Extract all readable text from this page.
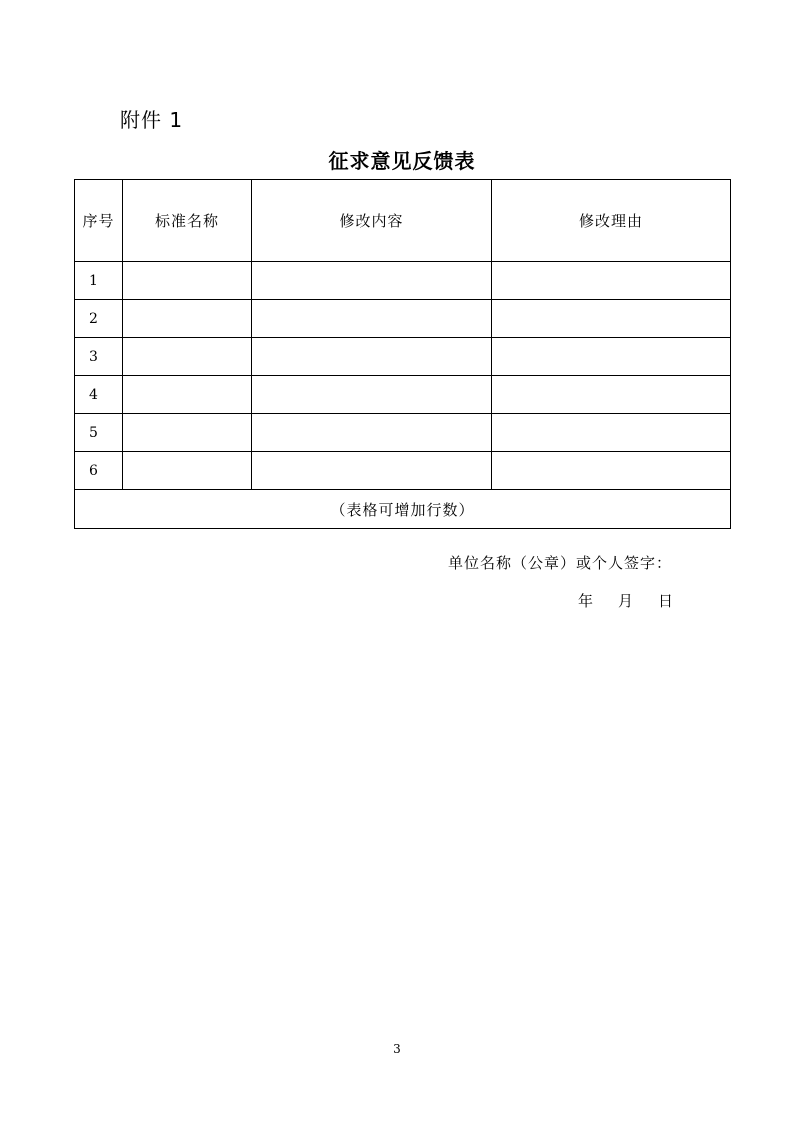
附件 1
征求意见反馈表
序号	标准名称	修改内容	修改理由
1			
2			
3			
4			
5			
6			
（表格可增加行数）			
单位名称（公章）或个人签字：
年 月 日
3
